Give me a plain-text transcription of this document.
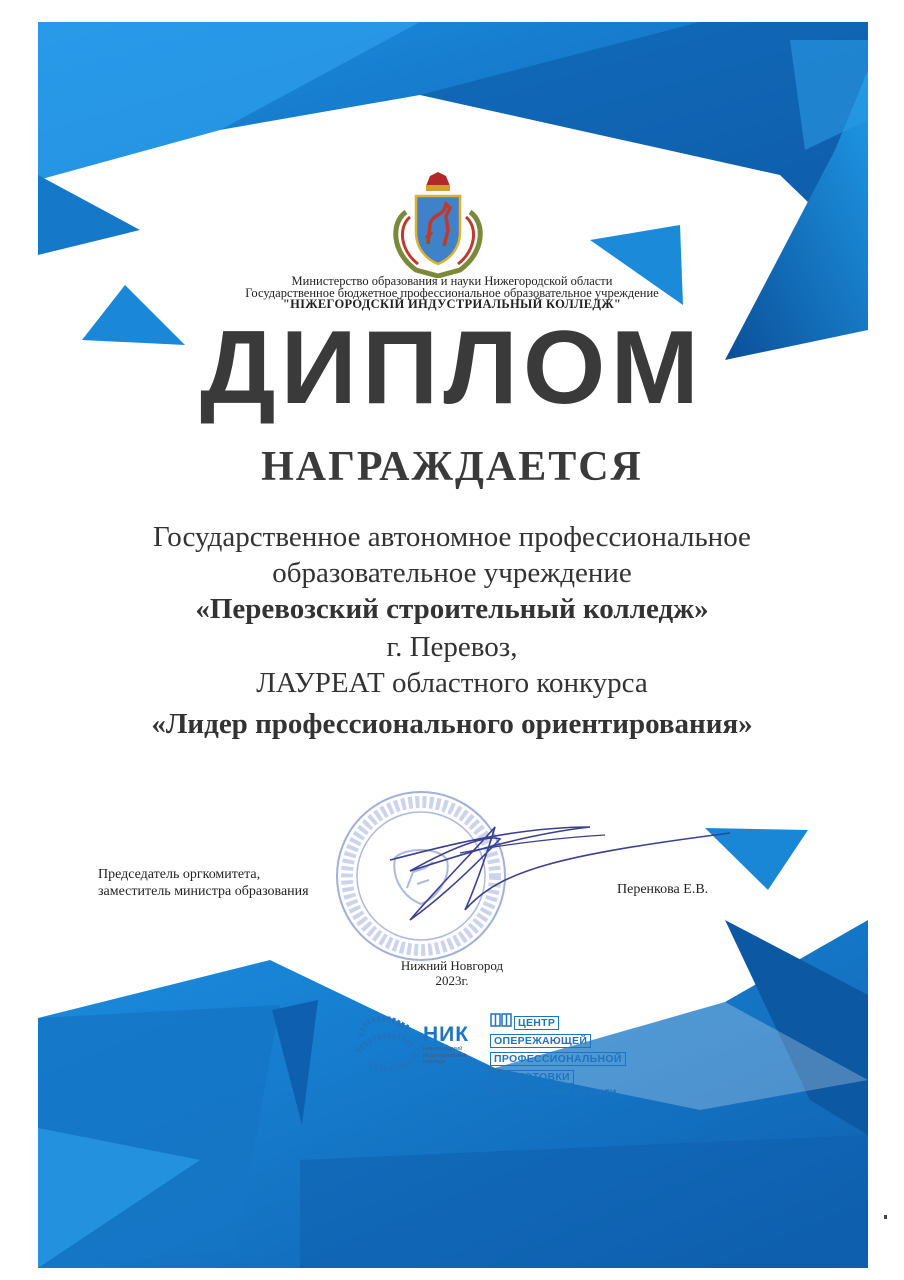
Министерство образования и науки Нижегородской области
Государственное бюджетное профессиональное образовательное учреждение
"НІЖЕГОРОДСКІЙ ИНДУСТРИАЛЬНЫЙ КОЛЛЕДЖ"
ДИПЛОМ
НАГРАЖДАЕТСЯ
Государственное автономное профессиональное
образовательное учреждение
«Перевозский строительный колледж»
г. Перевоз,
ЛАУРЕАТ областного конкурса
«Лидер профессионального ориентирования»
Председатель оргкомитета,
заместитель министра образования	Перенкова Е.В.
Нижний Новгород
2023г.
НИК
Нижегородский Индустриальный Колледж
ЦЕНТР
ОПЕРЕЖАЮЩЕЙ
ПРОФЕССИОНАЛЬНОЙ
ПОДГОТОВКИ
Нижегородской области
